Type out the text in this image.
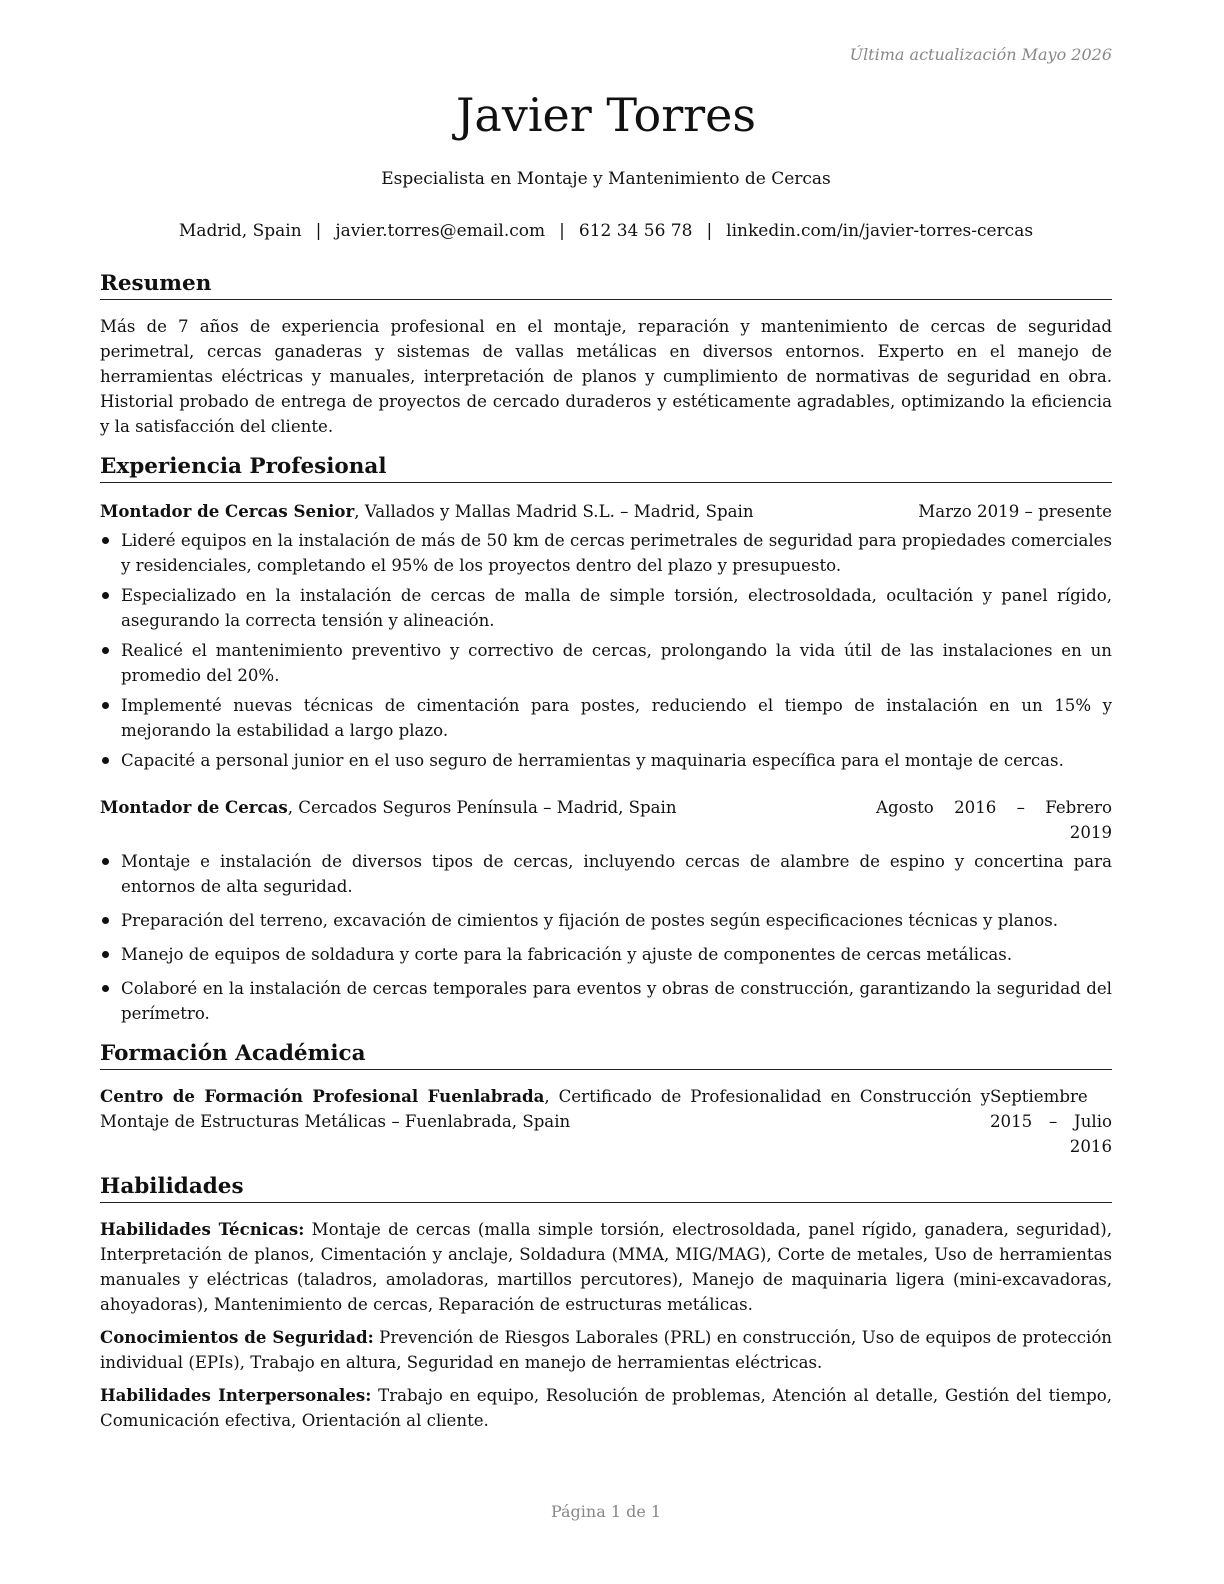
Última actualización Mayo 2026
Javier Torres
Especialista en Montaje y Mantenimiento de Cercas
Madrid, Spain | javier.torres@email.com | 612 34 56 78 | linkedin.com/in/javier-torres-cercas
Resumen

Más de 7 años de experiencia profesional en el montaje, reparación y mantenimiento de cercas de seguridad perimetral, cercas ganaderas y sistemas de vallas metálicas en diversos entornos. Experto en el manejo de herramientas eléctricas y manuales, interpretación de planos y cumplimiento de normativas de seguridad en obra. Historial probado de entrega de proyectos de cercado duraderos y estéticamente agradables, optimizando la eficiencia y la satisfacción del cliente.

Experiencia Profesional
Montador de Cercas Senior, Vallados y Mallas Madrid S.L. – Madrid, Spain	Marzo 2019 – presente
Lideré equipos en la instalación de más de 50 km de cercas perimetrales de seguridad para propiedades comerciales y residenciales, completando el 95% de los proyectos dentro del plazo y presupuesto.
Especializado en la instalación de cercas de malla de simple torsión, electrosoldada, ocultación y panel rígido, asegurando la correcta tensión y alineación.
Realicé el mantenimiento preventivo y correctivo de cercas, prolongando la vida útil de las instalaciones en un promedio del 20%.
Implementé nuevas técnicas de cimentación para postes, reduciendo el tiempo de instalación en un 15% y mejorando la estabilidad a largo plazo.
Capacité a personal junior en el uso seguro de herramientas y maquinaria específica para el montaje de cercas.
Montador de Cercas, Cercados Seguros Península – Madrid, Spain	Agosto 2016 – Febrero 2019
Montaje e instalación de diversos tipos de cercas, incluyendo cercas de alambre de espino y concertina para entornos de alta seguridad.
Preparación del terreno, excavación de cimientos y fijación de postes según especificaciones técnicas y planos.
Manejo de equipos de soldadura y corte para la fabricación y ajuste de componentes de cercas metálicas.
Colaboré en la instalación de cercas temporales para eventos y obras de construcción, garantizando la seguridad del perímetro.
Formación Académica
Centro de Formación Profesional Fuenlabrada, Certificado de Profesionalidad en Construcción y Montaje de Estructuras Metálicas – Fuenlabrada, Spain
Septiembre 2015 – Julio 2016
Habilidades

Habilidades Técnicas: Montaje de cercas (malla simple torsión, electrosoldada, panel rígido, ganadera, seguridad), Interpretación de planos, Cimentación y anclaje, Soldadura (MMA, MIG/MAG), Corte de metales, Uso de herramientas manuales y eléctricas (taladros, amoladoras, martillos percutores), Manejo de maquinaria ligera (mini-excavadoras, ahoyadoras), Mantenimiento de cercas, Reparación de estructuras metálicas.

Conocimientos de Seguridad: Prevención de Riesgos Laborales (PRL) en construcción, Uso de equipos de protección individual (EPIs), Trabajo en altura, Seguridad en manejo de herramientas eléctricas.

Habilidades Interpersonales: Trabajo en equipo, Resolución de problemas, Atención al detalle, Gestión del tiempo, Comunicación efectiva, Orientación al cliente.

Página 1 de 1
